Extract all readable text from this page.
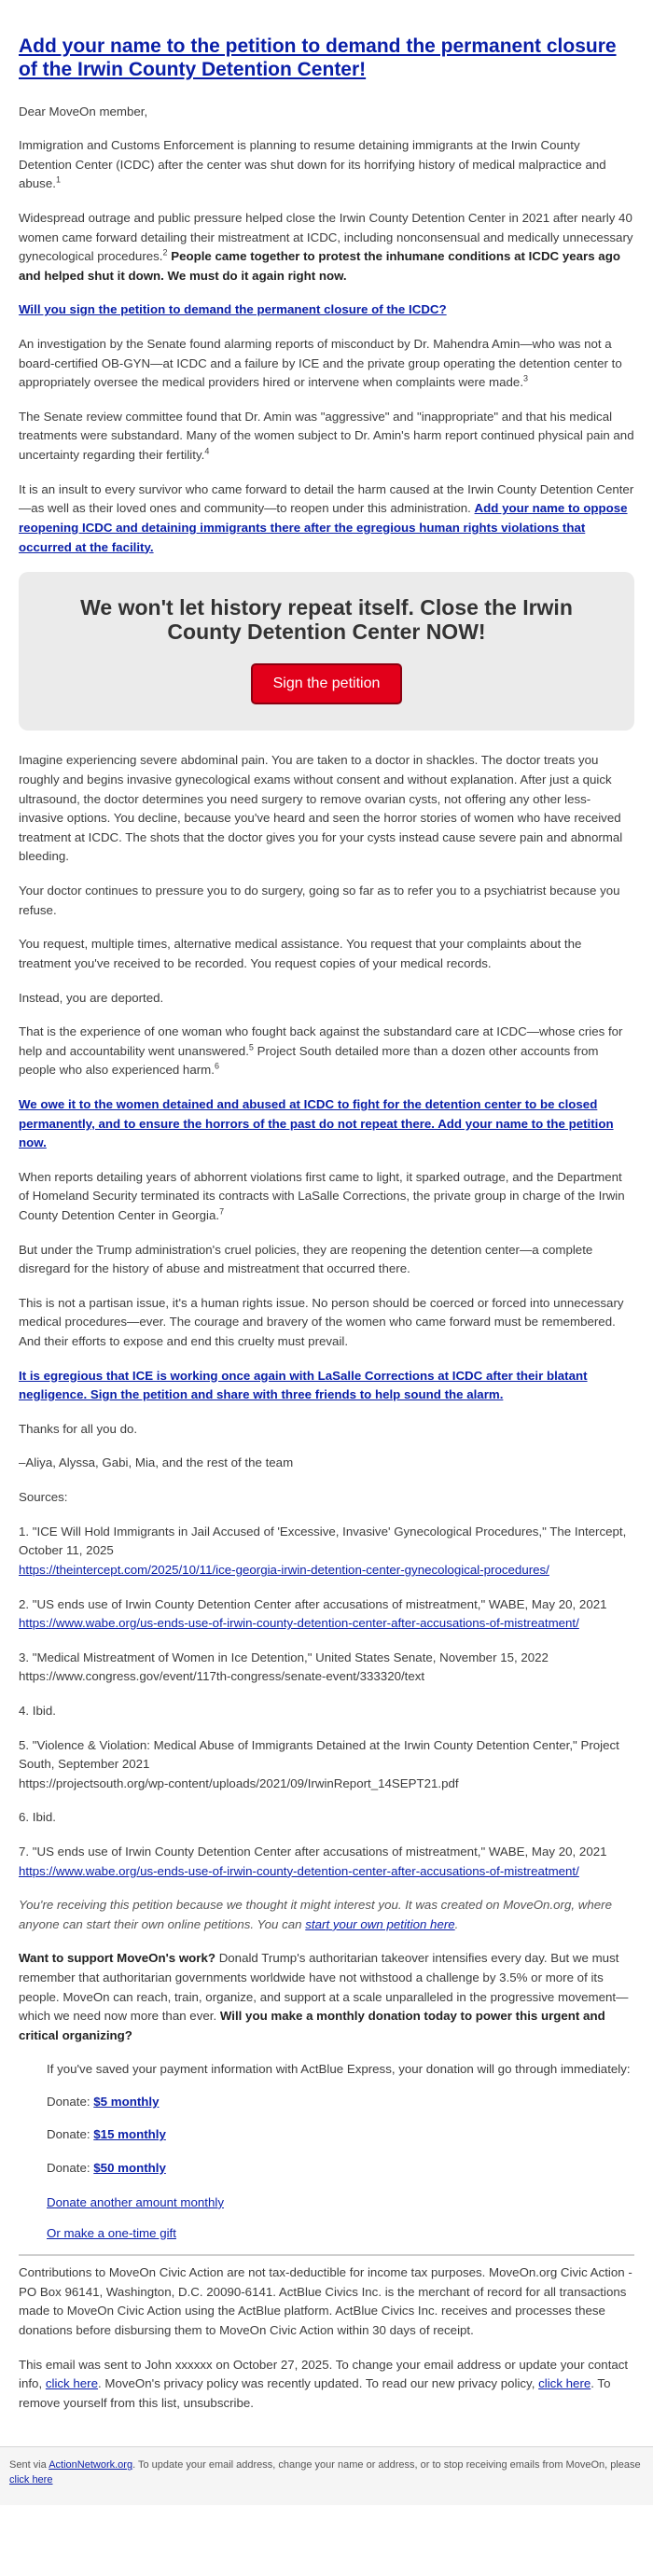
Add your name to the petition to demand the permanent closure of the Irwin County Detention Center!

Dear MoveOn member,

Immigration and Customs Enforcement is planning to resume detaining immigrants at the Irwin County Detention Center (ICDC) after the center was shut down for its horrifying history of medical malpractice and abuse.$^1$

Widespread outrage and public pressure helped close the Irwin County Detention Center in 2021 after nearly 40 women came forward detailing their mistreatment at ICDC, including nonconsensual and medically unnecessary gynecological procedures.$^2$ People came together to protest the inhumane conditions at ICDC years ago and helped shut it down. We must do it again right now.

Will you sign the petition to demand the permanent closure of the ICDC?

An investigation by the Senate found alarming reports of misconduct by Dr. Mahendra Amin—who was not a board-certified OB-GYN—at ICDC and a failure by ICE and the private group operating the detention center to appropriately oversee the medical providers hired or intervene when complaints were made.$^3$

The Senate review committee found that Dr. Amin was "aggressive" and "inappropriate" and that his medical treatments were substandard. Many of the women subject to Dr. Amin's harm report continued physical pain and uncertainty regarding their fertility.$^4$

It is an insult to every survivor who came forward to detail the harm caused at the Irwin County Detention Center—as well as their loved ones and community—to reopen under this administration. Add your name to oppose reopening ICDC and detaining immigrants there after the egregious human rights violations that occurred at the facility.

We won't let history repeat itself. Close the Irwin County Detention Center NOW!
Sign the petition

Imagine experiencing severe abdominal pain. You are taken to a doctor in shackles. The doctor treats you roughly and begins invasive gynecological exams without consent and without explanation. After just a quick ultrasound, the doctor determines you need surgery to remove ovarian cysts, not offering any other less-invasive options. You decline, because you've heard and seen the horror stories of women who have received treatment at ICDC. The shots that the doctor gives you for your cysts instead cause severe pain and abnormal bleeding.

Your doctor continues to pressure you to do surgery, going so far as to refer you to a psychiatrist because you refuse.

You request, multiple times, alternative medical assistance. You request that your complaints about the treatment you've received to be recorded. You request copies of your medical records.

Instead, you are deported.

That is the experience of one woman who fought back against the substandard care at ICDC—whose cries for help and accountability went unanswered.$^5$ Project South detailed more than a dozen other accounts from people who also experienced harm.$^6$

We owe it to the women detained and abused at ICDC to fight for the detention center to be closed permanently, and to ensure the horrors of the past do not repeat there. Add your name to the petition now.

When reports detailing years of abhorrent violations first came to light, it sparked outrage, and the Department of Homeland Security terminated its contracts with LaSalle Corrections, the private group in charge of the Irwin County Detention Center in Georgia.$^7$

But under the Trump administration's cruel policies, they are reopening the detention center—a complete disregard for the history of abuse and mistreatment that occurred there.

This is not a partisan issue, it's a human rights issue. No person should be coerced or forced into unnecessary medical procedures—ever. The courage and bravery of the women who came forward must be remembered. And their efforts to expose and end this cruelty must prevail.

It is egregious that ICE is working once again with LaSalle Corrections at ICDC after their blatant negligence. Sign the petition and share with three friends to help sound the alarm.

Thanks for all you do.

–Aliya, Alyssa, Gabi, Mia, and the rest of the team

Sources:

1. "ICE Will Hold Immigrants in Jail Accused of 'Excessive, Invasive' Gynecological Procedures," The Intercept, October 11, 2025
https://theintercept.com/2025/10/11/ice-georgia-irwin-detention-center-gynecological-procedures/

2. "US ends use of Irwin County Detention Center after accusations of mistreatment," WABE, May 20, 2021
https://www.wabe.org/us-ends-use-of-irwin-county-detention-center-after-accusations-of-mistreatment/

3. "Medical Mistreatment of Women in Ice Detention," United States Senate, November 15, 2022
https://www.congress.gov/event/117th-congress/senate-event/333320/text

4. Ibid.

5. "Violence & Violation: Medical Abuse of Immigrants Detained at the Irwin County Detention Center," Project South, September 2021
https://projectsouth.org/wp-content/uploads/2021/09/IrwinReport_14SEPT21.pdf

6. Ibid.

7. "US ends use of Irwin County Detention Center after accusations of mistreatment," WABE, May 20, 2021
https://www.wabe.org/us-ends-use-of-irwin-county-detention-center-after-accusations-of-mistreatment/

You're receiving this petition because we thought it might interest you. It was created on MoveOn.org, where anyone can start their own online petitions. You can start your own petition here.

Want to support MoveOn's work? Donald Trump's authoritarian takeover intensifies every day. But we must remember that authoritarian governments worldwide have not withstood a challenge by 3.5% or more of its people. MoveOn can reach, train, organize, and support at a scale unparalleled in the progressive movement—which we need now more than ever. Will you make a monthly donation today to power this urgent and critical organizing?

If you've saved your payment information with ActBlue Express, your donation will go through immediately:

Donate: $5 monthly

Donate: $15 monthly

Donate: $50 monthly

Donate another amount monthly

Or make a one-time gift

Contributions to MoveOn Civic Action are not tax-deductible for income tax purposes. MoveOn.org Civic Action - PO Box 96141, Washington, D.C. 20090-6141. ActBlue Civics Inc. is the merchant of record for all transactions made to MoveOn Civic Action using the ActBlue platform. ActBlue Civics Inc. receives and processes these donations before disbursing them to MoveOn Civic Action within 30 days of receipt.

This email was sent to John xxxxxx on October 27, 2025. To change your email address or update your contact info, click here. MoveOn's privacy policy was recently updated. To read our new privacy policy, click here. To remove yourself from this list, unsubscribe.

Sent via ActionNetwork.org. To update your email address, change your name or address, or to stop receiving emails from MoveOn, please click here
